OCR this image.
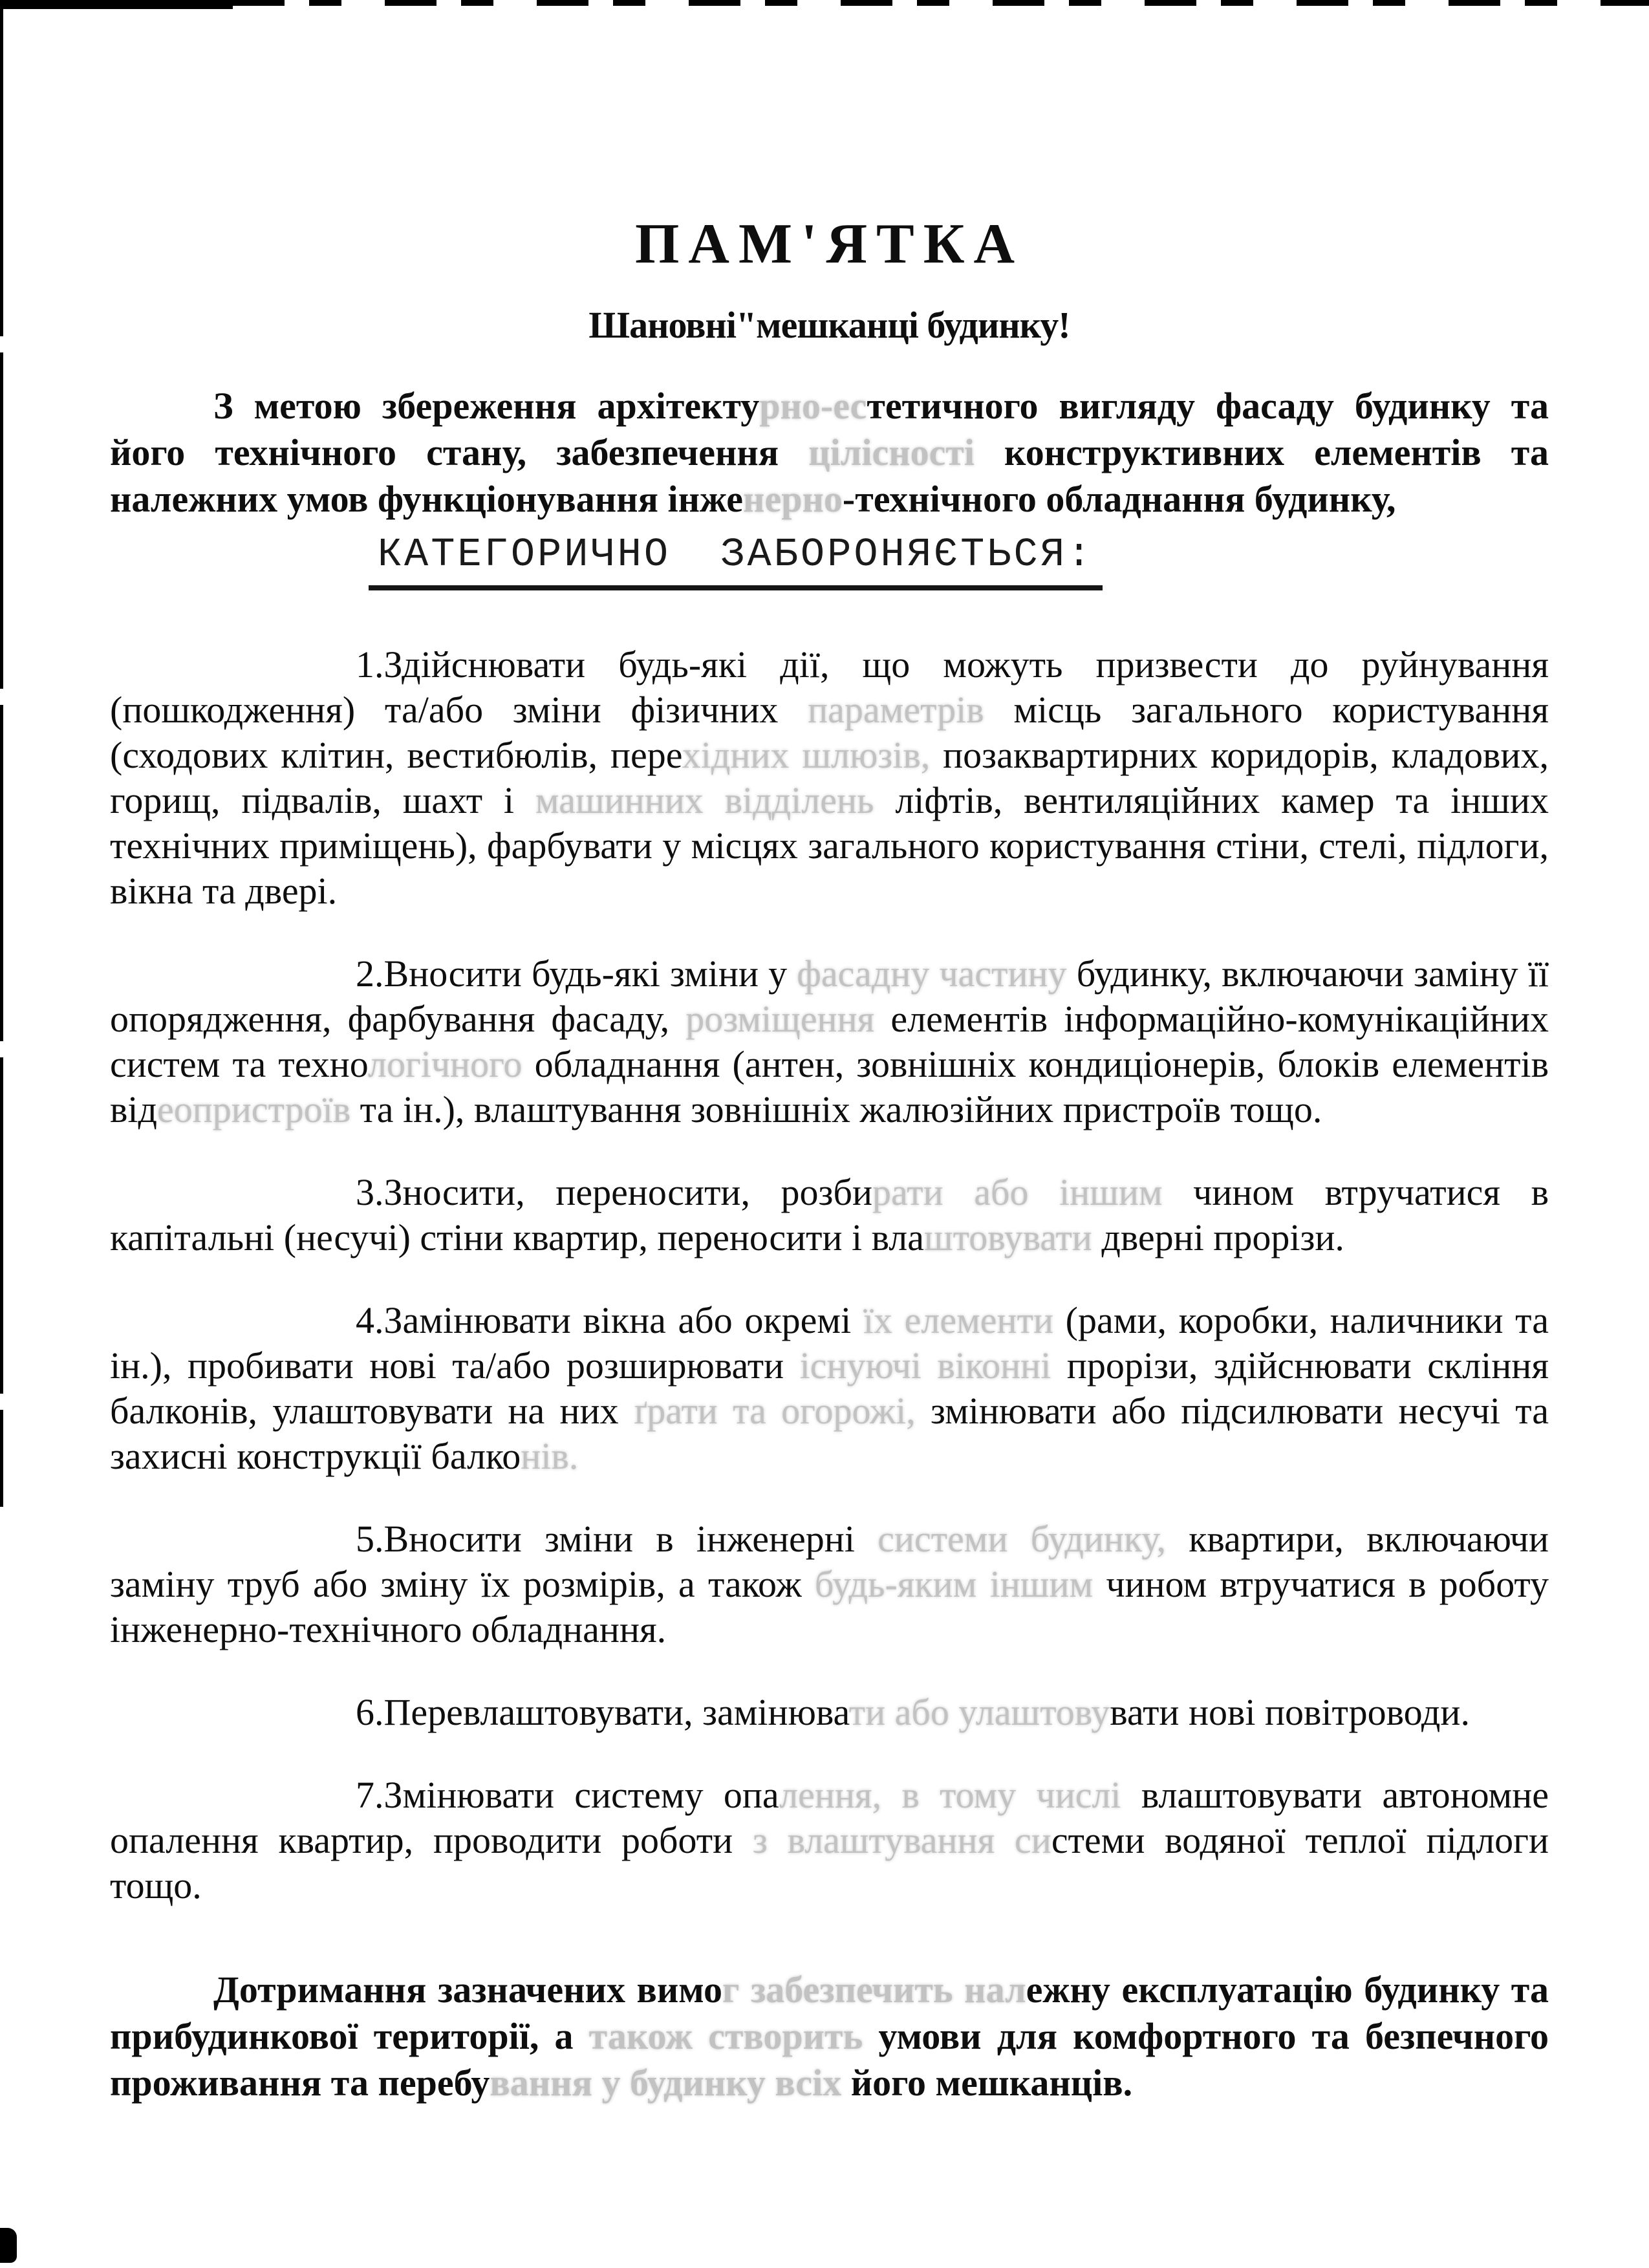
ПАМ'ЯТКА

Шановні"мешканці будинку!

З метою збереження архітектурно-естетичного вигляду фасаду будинку та його технічного стану, забезпечення цілісності конструктивних елементів та належних умов функціонування інженерно-технічного обладнання будинку,

КАТЕГОРИЧНО ЗАБОРОНЯЄТЬСЯ:

1.Здійснювати будь-які дії, що можуть призвести до руйнування (пошкодження) та/або зміни фізичних параметрів місць загального користування (сходових клітин, вестибюлів, перехідних шлюзів, позаквартирних коридорів, кладових, горищ, підвалів, шахт і машинних відділень ліфтів, вентиляційних камер та інших технічних приміщень), фарбувати у місцях загального користування стіни, стелі, підлоги, вікна та двері.

2.Вносити будь-які зміни у фасадну частину будинку, включаючи заміну її опорядження, фарбування фасаду, розміщення елементів інформаційно-комунікаційних систем та технологічного обладнання (антен, зовнішніх кондиціонерів, блоків елементів відеопристроїв та ін.), влаштування зовнішніх жалюзійних пристроїв тощо.

3.Зносити, переносити, розбирати або іншим чином втручатися в капітальні (несучі) стіни квартир, переносити і влаштовувати дверні прорізи.

4.Замінювати вікна або окремі їх елементи (рами, коробки, наличники та ін.), пробивати нові та/або розширювати існуючі віконні прорізи, здійснювати скління балконів, улаштовувати на них ґрати та огорожі, змінювати або підсилювати несучі та захисні конструкції балконів.

5.Вносити зміни в інженерні системи будинку, квартири, включаючи заміну труб або зміну їх розмірів, а також будь-яким іншим чином втручатися в роботу інженерно-технічного обладнання.

6.Перевлаштовувати, замінювати або улаштовувати нові повітроводи.

7.Змінювати систему опалення, в тому числі влаштовувати автономне опалення квартир, проводити роботи з влаштування системи водяної теплої підлоги тощо.

Дотримання зазначених вимог забезпечить належну експлуатацію будинку та прибудинкової території, а також створить умови для комфортного та безпечного проживання та перебування у будинку всіх його мешканців.
